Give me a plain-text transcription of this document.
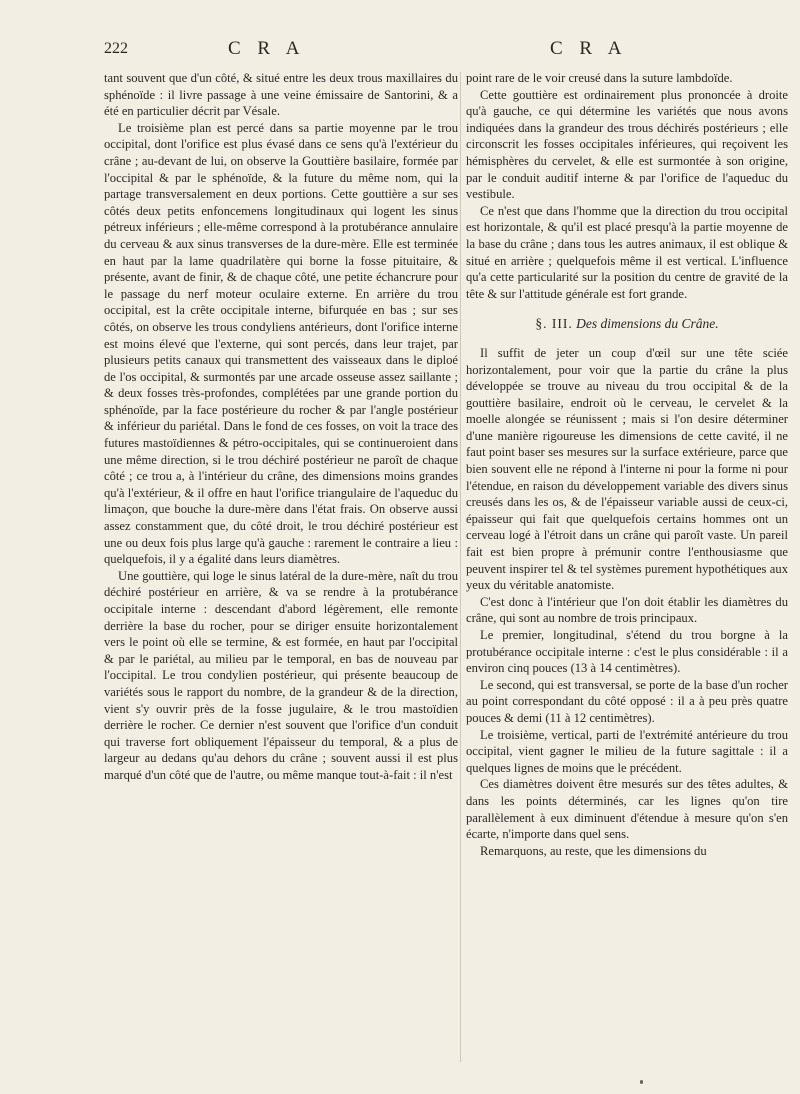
C R A
222	C R A

tant souvent que d'un côté, & situé entre les deux trous maxillaires du sphénoïde : il livre passage à une veine émissaire de Santorini, & a été en particulier décrit par Vésale.

Le troisième plan est percé dans sa partie moyenne par le trou occipital, dont l'orifice est plus évasé dans ce sens qu'à l'extérieur du crâne ; au-devant de lui, on observe la Gouttière basilaire, formée par l'occipital & par le sphénoïde, & la future du même nom, qui la partage transversalement en deux portions. Cette gouttière a sur ses côtés deux petits enfoncemens longitudinaux qui logent les sinus pétreux inférieurs ; elle-même correspond à la protubérance annulaire du cerveau & aux sinus transverses de la dure-mère. Elle est terminée en haut par la lame quadrilatère qui borne la fosse pituitaire, & présente, avant de finir, & de chaque côté, une petite échancrure pour le passage du nerf moteur oculaire externe. En arrière du trou occipital, est la crête occipitale interne, bifurquée en bas ; sur ses côtés, on observe les trous condyliens antérieurs, dont l'orifice interne est moins élevé que l'externe, qui sont percés, dans leur trajet, par plusieurs petits canaux qui transmettent des vaisseaux dans le diploé de l'os occipital, & surmontés par une arcade osseuse assez saillante ; & deux fosses très-profondes, complétées par une grande portion du sphénoïde, par la face postérieure du rocher & par l'angle postérieur & inférieur du pariétal. Dans le fond de ces fosses, on voit la trace des futures mastoïdiennes & pétro-occipitales, qui se continueroient dans une même direction, si le trou déchiré postérieur ne paroît de chaque côté ; ce trou a, à l'intérieur du crâne, des dimensions moins grandes qu'à l'extérieur, & il offre en haut l'orifice triangulaire de l'aqueduc du limaçon, que bouche la dure-mère dans l'état frais. On observe aussi assez constamment que, du côté droit, le trou déchiré postérieur est une ou deux fois plus large qu'à gauche : rarement le contraire a lieu : quelquefois, il y a égalité dans leurs diamètres.

Une gouttière, qui loge le sinus latéral de la dure-mère, naît du trou déchiré postérieur en arrière, & va se rendre à la protubérance occipitale interne : descendant d'abord légèrement, elle remonte derrière la base du rocher, pour se diriger ensuite horizontalement vers le point où elle se termine, & est formée, en haut par l'occipital & par le pariétal, au milieu par le temporal, en bas de nouveau par l'occipital. Le trou condylien postérieur, qui présente beaucoup de variétés sous le rapport du nombre, de la grandeur & de la direction, vient s'y ouvrir près de la fosse jugulaire, & le trou mastoïdien derrière le rocher. Ce dernier n'est souvent que l'orifice d'un conduit qui traverse fort obliquement l'épaisseur du temporal, & a plus de largeur au dedans qu'au dehors du crâne ; souvent aussi il est plus marqué d'un côté que de l'autre, ou même manque tout-à-fait : il n'est

point rare de le voir creusé dans la suture lambdoïde.

Cette gouttière est ordinairement plus prononcée à droite qu'à gauche, ce qui détermine les variétés que nous avons indiquées dans la grandeur des trous déchirés postérieurs ; elle circonscrit les fosses occipitales inférieures, qui reçoivent les hémisphères du cervelet, & elle est surmontée à son origine, par le conduit auditif interne & par l'orifice de l'aqueduc du vestibule.

Ce n'est que dans l'homme que la direction du trou occipital est horizontale, & qu'il est placé presqu'à la partie moyenne de la base du crâne ; dans tous les autres animaux, il est oblique & situé en arrière ; quelquefois même il est vertical. L'influence qu'a cette particularité sur la position du centre de gravité de la tête & sur l'attitude générale est fort grande.

§. III. Des dimensions du Crâne.

Il suffit de jeter un coup d'œil sur une tête sciée horizontalement, pour voir que la partie du crâne la plus développée se trouve au niveau du trou occipital & de la gouttière basilaire, endroit où le cerveau, le cervelet & la moelle alongée se réunissent ; mais si l'on desire déterminer d'une manière rigoureuse les dimensions de cette cavité, il ne faut point baser ses mesures sur la surface extérieure, parce que bien souvent elle ne répond à l'interne ni pour la forme ni pour l'étendue, en raison du développement variable des divers sinus creusés dans les os, & de l'épaisseur variable aussi de ceux-ci, épaisseur qui fait que quelquefois certains hommes ont un cerveau logé à l'étroit dans un crâne qui paroît vaste. Un pareil fait est bien propre à prémunir contre l'enthousiasme que peuvent inspirer tel & tel systèmes purement hypothétiques aux yeux du véritable anatomiste.

C'est donc à l'intérieur que l'on doit établir les diamètres du crâne, qui sont au nombre de trois principaux.

Le premier, longitudinal, s'étend du trou borgne à la protubérance occipitale interne : c'est le plus considérable : il a environ cinq pouces (13 à 14 centimètres).

Le second, qui est transversal, se porte de la base d'un rocher au point correspondant du côté opposé : il a à peu près quatre pouces & demi (11 à 12 centimètres).

Le troisième, vertical, parti de l'extrémité antérieure du trou occipital, vient gagner le milieu de la future sagittale : il a quelques lignes de moins que le précédent.

Ces diamètres doivent être mesurés sur des têtes adultes, & dans les points déterminés, car les lignes qu'on tire parallèlement à eux diminuent d'étendue à mesure qu'on s'en écarte, n'importe dans quel sens.

Remarquons, au reste, que les dimensions du
